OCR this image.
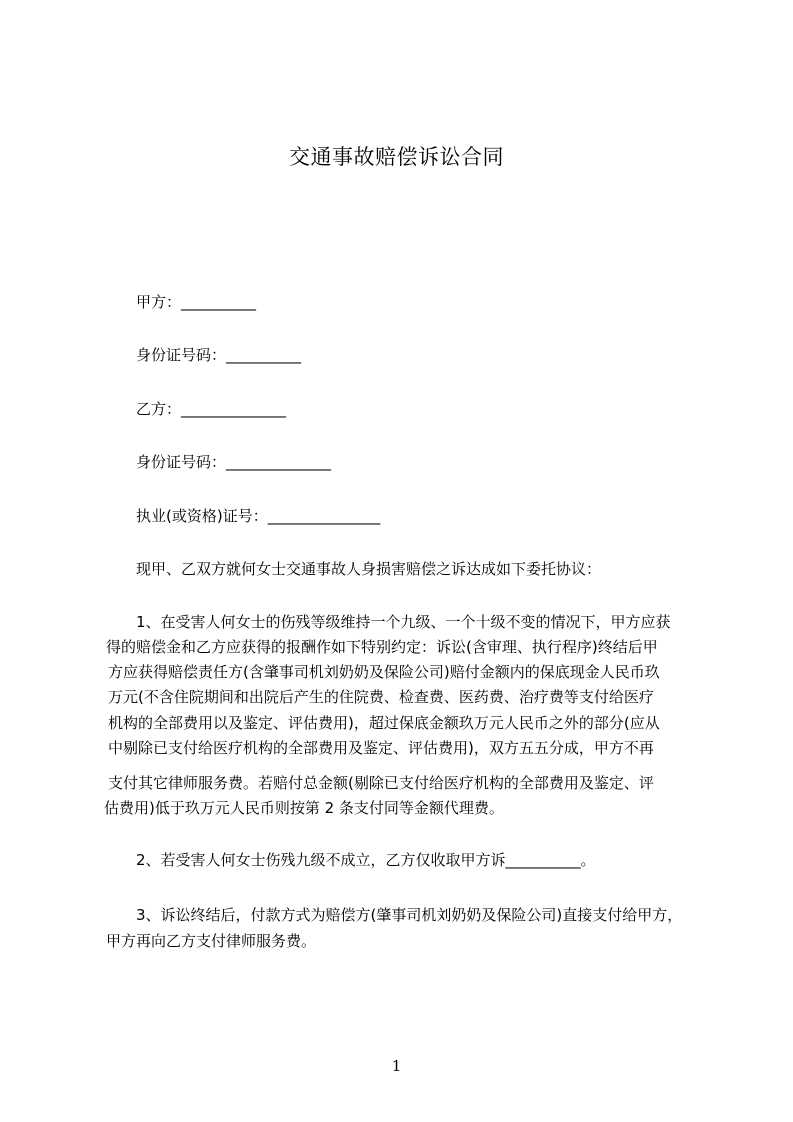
交通事故赔偿诉讼合同
甲方：__________
身份证号码：__________
乙方：______________
身份证号码：______________
执业(或资格)证号：_______________
现甲、乙双方就何女士交通事故人身损害赔偿之诉达成如下委托协议：
1、在受害人何女士的伤残等级维持一个九级、一个十级不变的情况下，甲方应获
得的赔偿金和乙方应获得的报酬作如下特别约定：诉讼(含审理、执行程序)终结后甲
方应获得赔偿责任方(含肇事司机刘奶奶及保险公司)赔付金额内的保底现金人民币玖
万元(不含住院期间和出院后产生的住院费、检查费、医药费、治疗费等支付给医疗
机构的全部费用以及鉴定、评估费用)，超过保底金额玖万元人民币之外的部分(应从
中剔除已支付给医疗机构的全部费用及鉴定、评估费用)，双方五五分成，甲方不再
支付其它律师服务费。若赔付总金额(剔除已支付给医疗机构的全部费用及鉴定、评
估费用)低于玖万元人民币则按第 2 条支付同等金额代理费。
2、若受害人何女士伤残九级不成立，乙方仅收取甲方诉__________。
3、诉讼终结后，付款方式为赔偿方(肇事司机刘奶奶及保险公司)直接支付给甲方，
甲方再向乙方支付律师服务费。
1
